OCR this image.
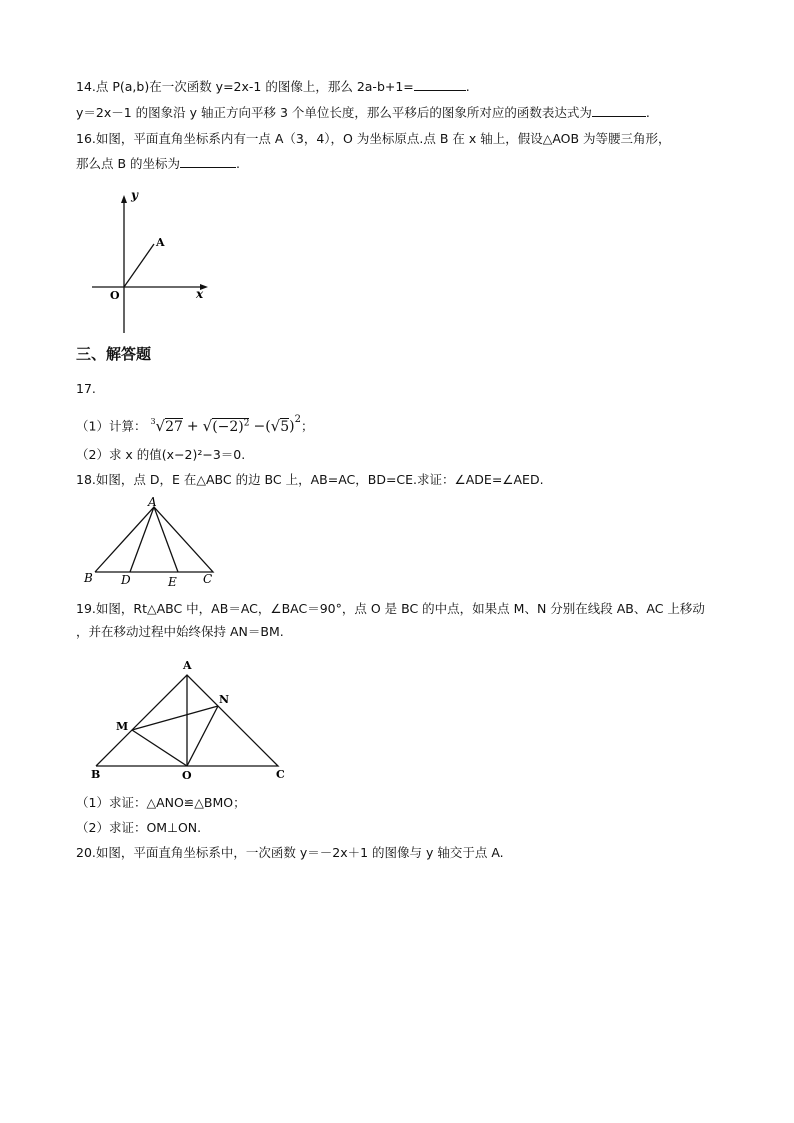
14.点 P(a,b)在一次函数 y=2x-1 的图像上，那么 2a-b+1=	.
y＝2x－1 的图象沿 y 轴正方向平移 3 个单位长度，那么平移后的图象所对应的函数表达式为	.
16.如图，平面直角坐标系内有一点 A（3，4），O 为坐标原点.点 B 在 x 轴上，假设△AOB 为等腰三角形，
那么点 B 的坐标为	.
y
x
O
A
三、解答题
17.
（1）计算： $^3√27 + √(-2)^2 -(√5)^2$；
（2）求 x 的值(x−2)²−3＝0.
18.如图，点 D，E 在△ABC 的边 BC 上，AB=AC，BD=CE.求证：∠ADE=∠AED.
A
B D	E C
19.如图，Rt△ABC 中，AB＝AC，∠BAC＝90°，点 O 是 BC 的中点，如果点 M、N 分别在线段 AB、AC 上移动
，并在移动过程中始终保持 AN＝BM.
A
B	C
M
N
O
（1）求证：△ANO≌△BMO；
（2）求证：OM⊥ON.
20.如图，平面直角坐标系中，一次函数 y＝－2x＋1 的图像与 y 轴交于点 A.
